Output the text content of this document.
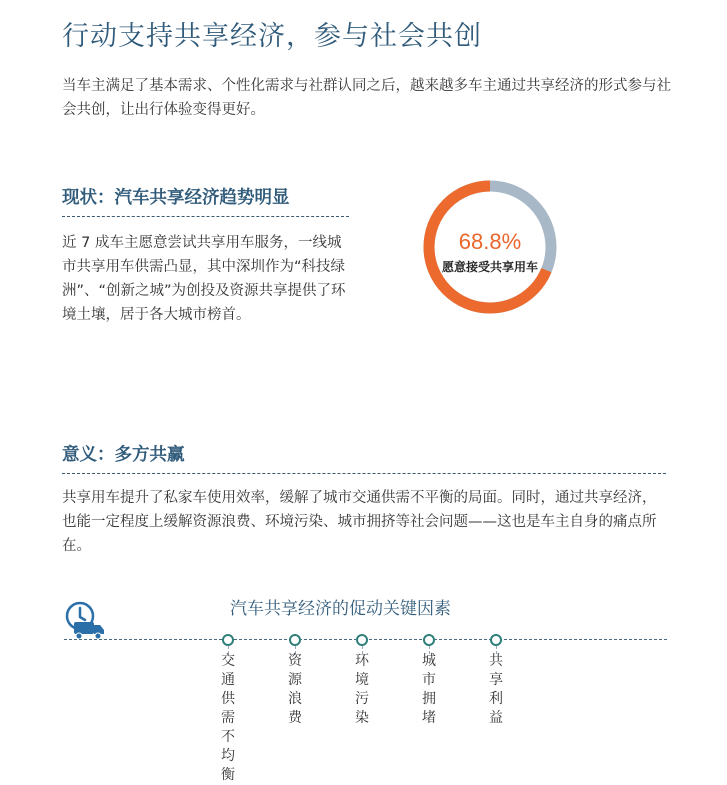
行动支持共享经济，参与社会共创
当车主满足了基本需求、个性化需求与社群认同之后，越来越多车主通过共享经济的形式参与社会共创，让出行体验变得更好。
现状：汽车共享经济趋势明显
近 7 成车主愿意尝试共享用车服务，一线城市共享用车供需凸显，其中深圳作为“科技绿洲”、“创新之城”为创投及资源共享提供了环境土壤，居于各大城市榜首。
68.8%
愿意接受共享用车
意义：多方共赢
共享用车提升了私家车使用效率，缓解了城市交通供需不平衡的局面。同时，通过共享经济，也能一定程度上缓解资源浪费、环境污染、城市拥挤等社会问题——这也是车主自身的痛点所在。
汽车共享经济的促动关键因素
交通供需不均衡
资源浪费
环境污染
城市拥堵
共享利益
